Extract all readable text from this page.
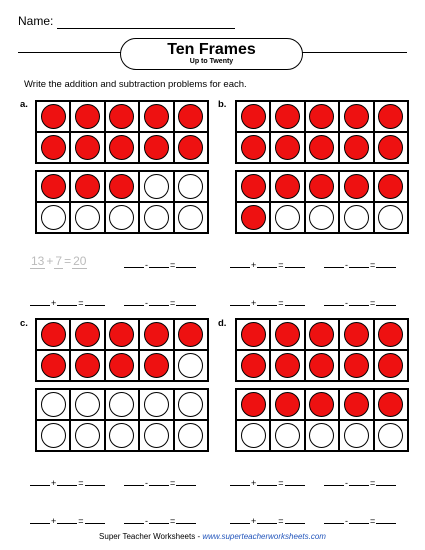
Name:
Ten Frames
Up to Twenty
Write the addition and subtraction problems for each.
a.
13 + 7 = 20	- =
+ =	- =
b.
+ =	- =
+ =	- =
c.
+ =	- =
+ =	- =
d.
+ =	- =
+ =	- =
Super Teacher Worksheets - www.superteacherworksheets.com
